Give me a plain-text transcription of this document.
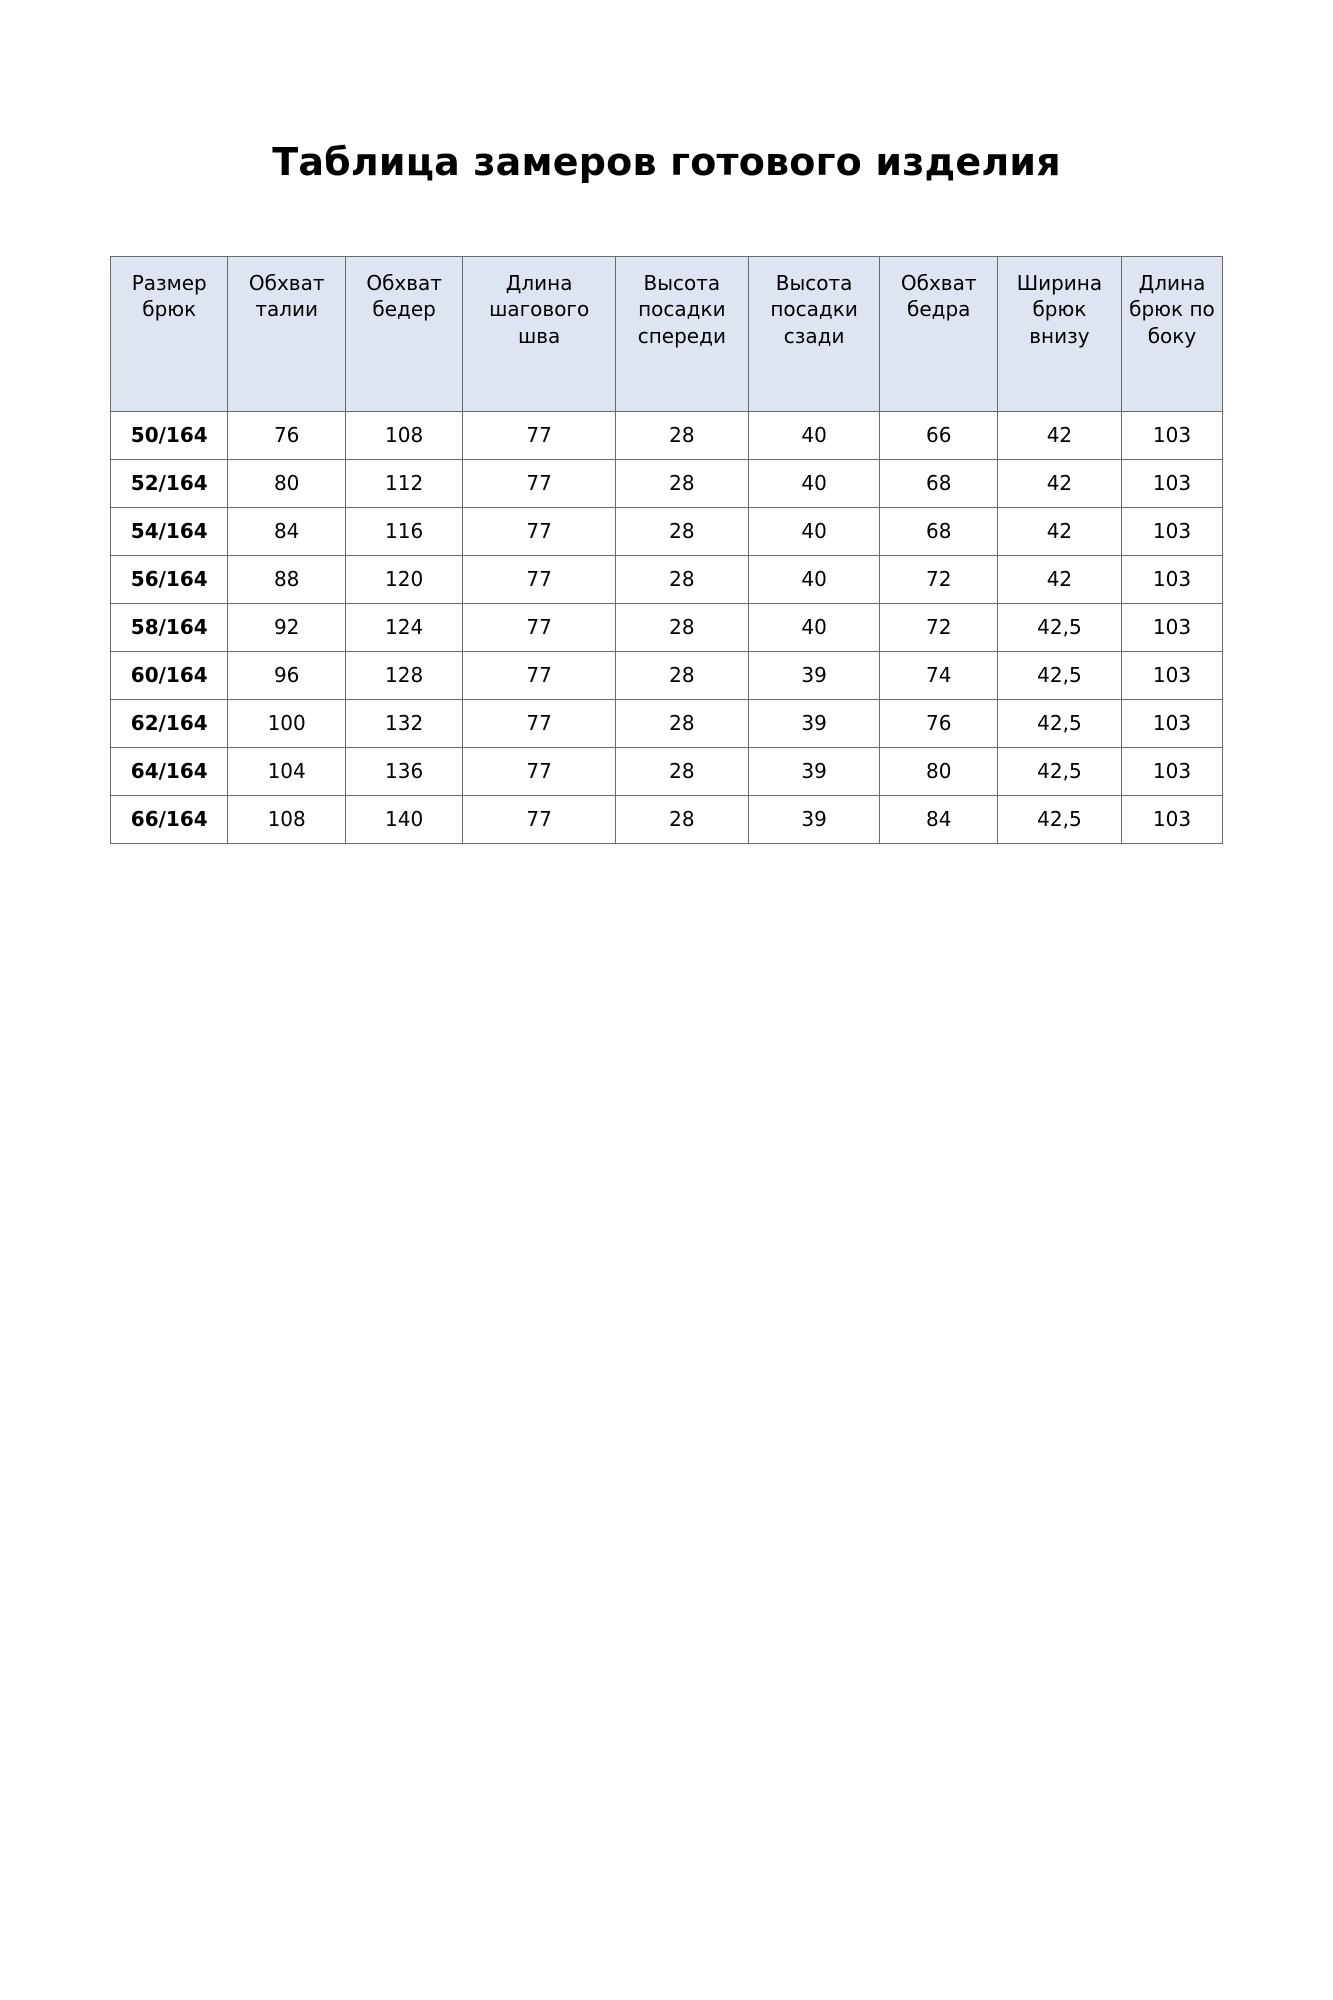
Таблица замеров готового изделия
Размер брюк	Обхват талии	Обхват бедер	Длина шагового шва	Высота посадки спереди	Высота посадки сзади	Обхват бедра	Ширина брюк внизу	Длина брюк по боку
50/164	76	108	77	28	40	66	42	103
52/164	80	112	77	28	40	68	42	103
54/164	84	116	77	28	40	68	42	103
56/164	88	120	77	28	40	72	42	103
58/164	92	124	77	28	40	72	42,5	103
60/164	96	128	77	28	39	74	42,5	103
62/164	100	132	77	28	39	76	42,5	103
64/164	104	136	77	28	39	80	42,5	103
66/164	108	140	77	28	39	84	42,5	103
